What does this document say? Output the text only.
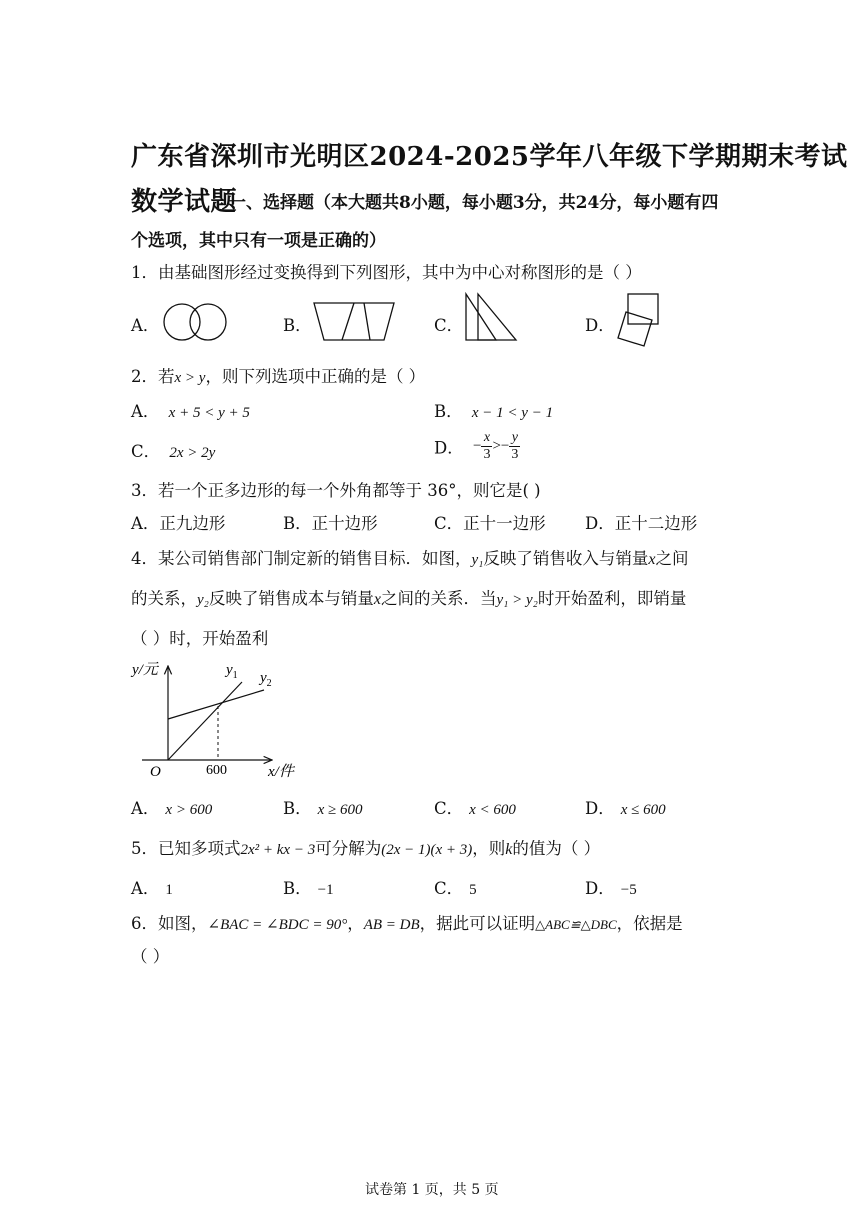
广东省深圳市光明区2024-2025学年八年级下学期期末考试
数学试题
一、选择题（本大题共8小题，每小题3分，共24分，每小题有四
个选项，其中只有一项是正确的）
1．由基础图形经过变换得到下列图形，其中为中心对称图形的是（ ）
A．	B．	C．	D．
2．若x > y，则下列选项中正确的是（ ）
A． x + 5 < y + 5	B． x − 1 < y − 1
C． 2x > 2y	D． − $\frac{x}{3} >- \frac{y}{3}$
3．若一个正多边形的每一个外角都等于 36°，则它是( )
A．正九边形	B．正十边形	C．正十一边形 D．正十二边形
4．某公司销售部门制定新的销售目标．如图，y₁反映了销售收入与销量x之间
的关系，y₂反映了销售成本与销量x之间的关系．当y₁ > y₂时开始盈利，即销量
（ ）时，开始盈利
y/元	$y_1$ $y_2$
O	600	x/件
A． x > 600	B． x ≥ 600	C． x < 600	D． x ≤ 600
5．已知多项式2x² + kx − 3可分解为(2x − 1)(x + 3)，则k的值为（ ）
A． 1	B． −1	C． 5	D． −5
6．如图，∠BAC = ∠BDC = 90°，AB = DB，据此可以证明△ABC≌△DBC，依据是
（ ）
试卷第 1 页，共 5 页
